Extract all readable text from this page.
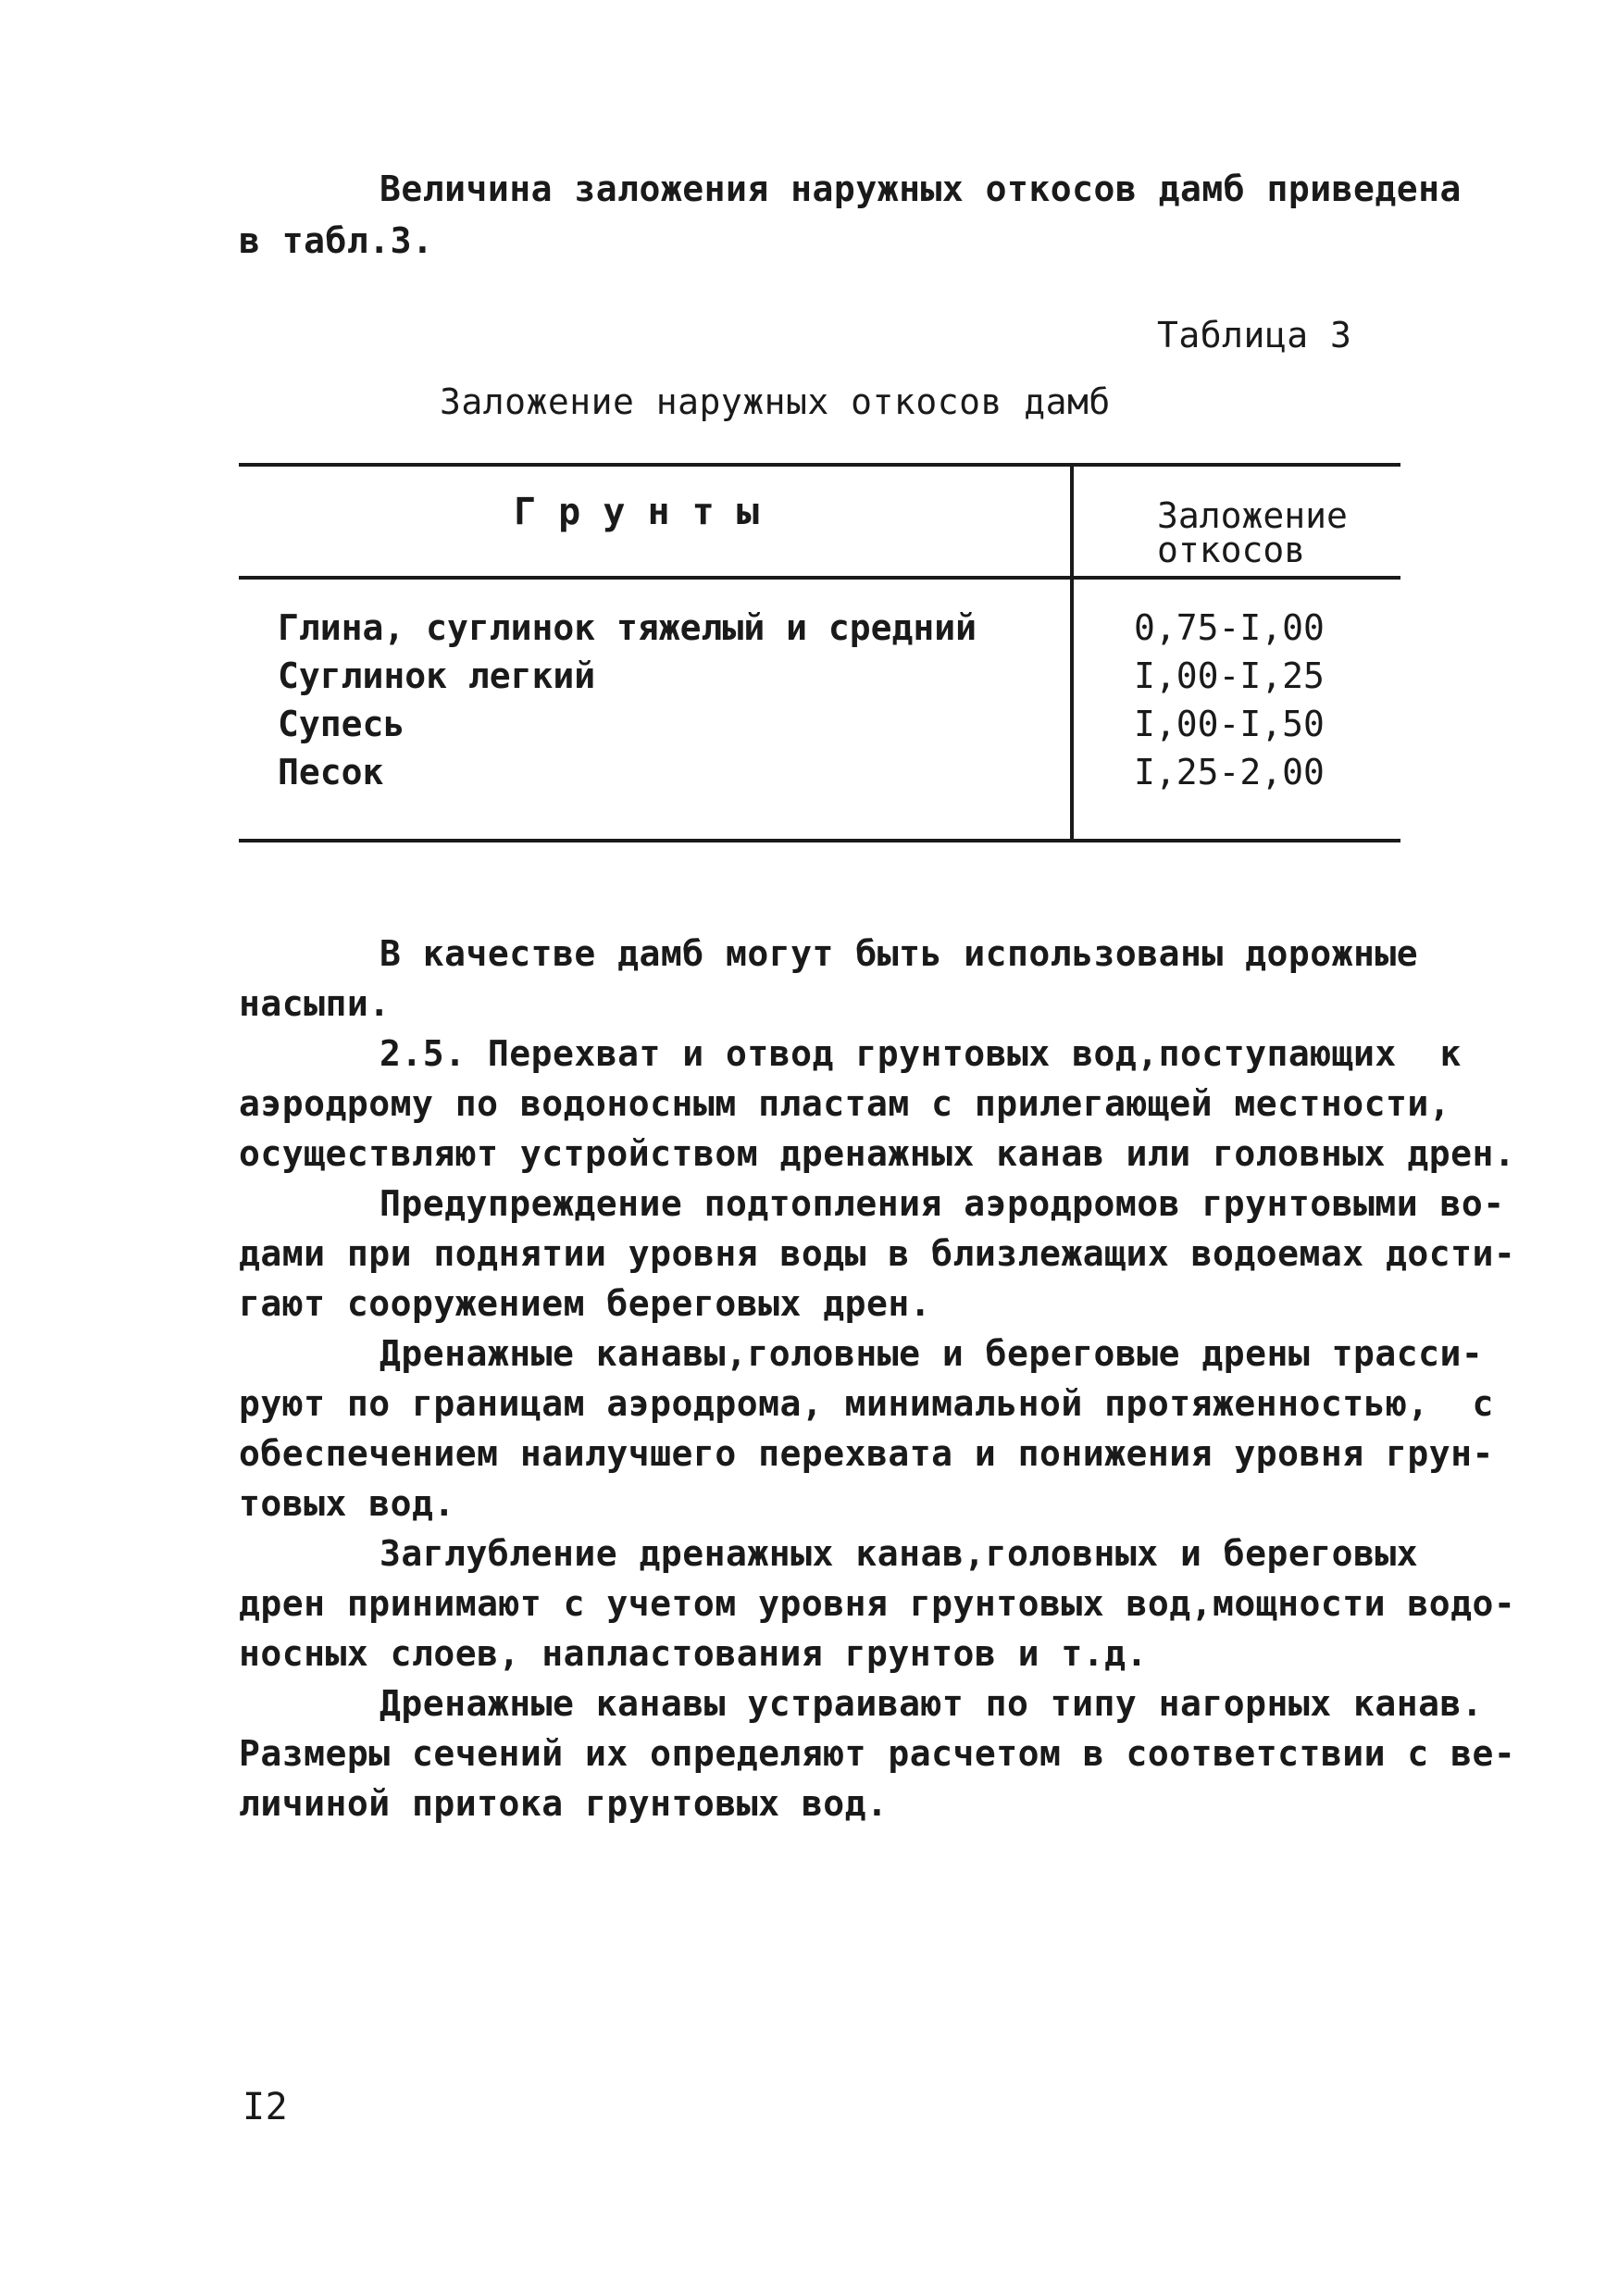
Величина заложения наружных откосов дамб приведена
в табл.3.
Таблица 3
Заложение наружных откосов дамб
Г р у н т ы	Заложение
откосов
Глина, суглинок тяжелый и средний	0,75-I,00
Суглинок легкий	I,00-I,25
Супесь	I,00-I,50
Песок	I,25-2,00
В качестве дамб могут быть использованы дорожные
насыпи.
2.5. Перехват и отвод грунтовых вод,поступающих  к
аэродрому по водоносным пластам с прилегающей местности,
осуществляют устройством дренажных канав или головных дрен.
Предупреждение подтопления аэродромов грунтовыми во-
дами при поднятии уровня воды в близлежащих водоемах дости-
гают сооружением береговых дрен.
Дренажные канавы,головные и береговые дрены трасси-
руют по границам аэродрома, минимальной протяженностью,  с
обеспечением наилучшего перехвата и понижения уровня грун-
товых вод.
Заглубление дренажных канав,головных и береговых
дрен принимают с учетом уровня грунтовых вод,мощности водо-
носных слоев, напластования грунтов и т.д.
Дренажные канавы устраивают по типу нагорных канав.
Размеры сечений их определяют расчетом в соответствии с ве-
личиной притока грунтовых вод.
I2
